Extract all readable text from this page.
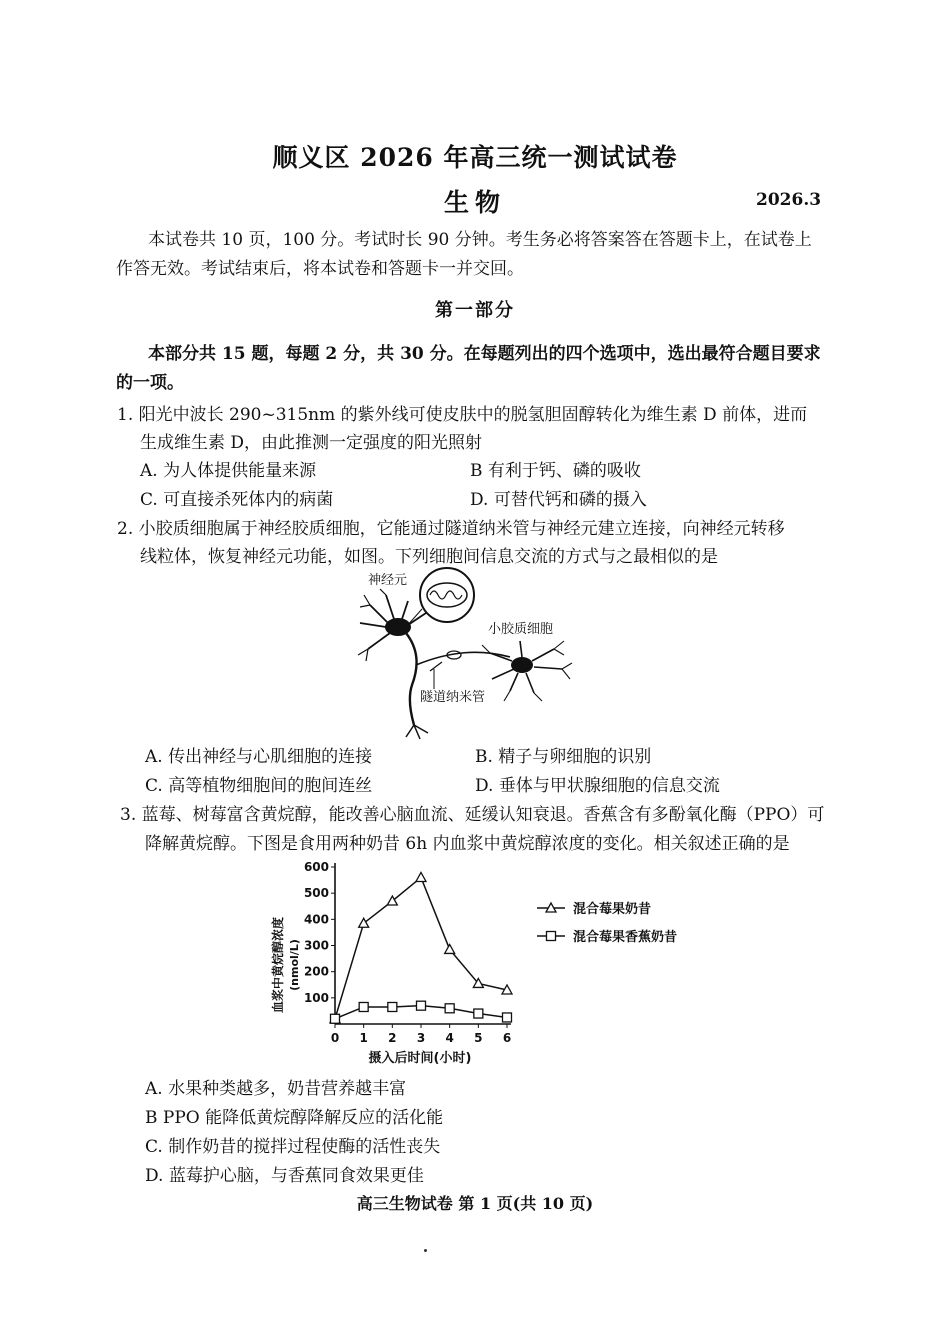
顺义区 2026 年高三统一测试试卷
生物	2026.3
本试卷共 10 页，100 分。考试时长 90 分钟。考生务必将答案答在答题卡上，在试卷上
作答无效。考试结束后，将本试卷和答题卡一并交回。
第一部分
本部分共 15 题，每题 2 分，共 30 分。在每题列出的四个选项中，选出最符合题目要求
的一项。
1. 阳光中波长 290~315nm 的紫外线可使皮肤中的脱氢胆固醇转化为维生素 D 前体，进而
生成维生素 D，由此推测一定强度的阳光照射
A. 为人体提供能量来源	B 有利于钙、磷的吸收
C. 可直接杀死体内的病菌	D. 可替代钙和磷的摄入
2. 小胶质细胞属于神经胶质细胞，它能通过隧道纳米管与神经元建立连接，向神经元转移
线粒体，恢复神经元功能，如图。下列细胞间信息交流的方式与之最相似的是
神经元
小胶质细胞
隧道纳米管
A. 传出神经与心肌细胞的连接	B. 精子与卵细胞的识别
C. 高等植物细胞间的胞间连丝	D. 垂体与甲状腺细胞的信息交流
3. 蓝莓、树莓富含黄烷醇，能改善心脑血流、延缓认知衰退。香蕉含有多酚氧化酶（PPO）可
降解黄烷醇。下图是食用两种奶昔 6h 内血浆中黄烷醇浓度的变化。相关叙述正确的是
血浆中黄烷醇浓度 (nmol/L)
0 1 2 3 4 5 6
100
200
300
400
500
600
混合莓果奶昔
混合莓果香蕉奶昔
摄入后时间(小时)
A. 水果种类越多，奶昔营养越丰富
B PPO 能降低黄烷醇降解反应的活化能
C. 制作奶昔的搅拌过程使酶的活性丧失
D. 蓝莓护心脑，与香蕉同食效果更佳
高三生物试卷 第 1 页(共 10 页)
